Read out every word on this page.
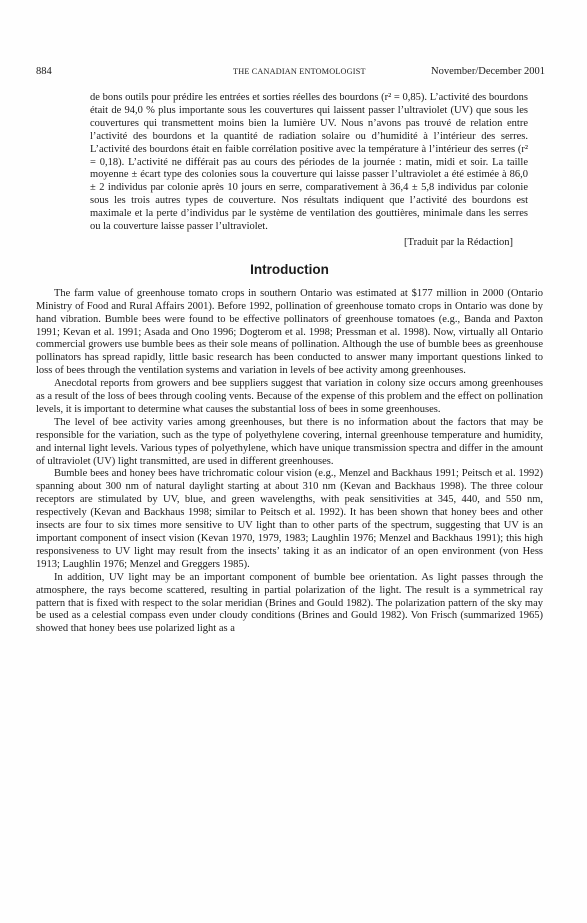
884	THE CANADIAN ENTOMOLOGIST	November/December 2001

de bons outils pour prédire les entrées et sorties réelles des bourdons (r² = 0,85). L’activité des bourdons était de 94,0 % plus importante sous les couvertures qui laissent passer l’ultraviolet (UV) que sous les couvertures qui transmettent moins bien la lumière UV. Nous n’avons pas trouvé de relation entre l’activité des bourdons et la quantité de radiation solaire ou d’humidité à l’intérieur des serres. L’activité des bourdons était en faible corrélation positive avec la température à l’intérieur des serres (r² = 0,18). L’activité ne différait pas au cours des périodes de la journée : matin, midi et soir. La taille moyenne ± écart type des colonies sous la couverture qui laisse passer l’ultraviolet a été estimée à 86,0 ± 2 individus par colonie après 10 jours en serre, comparativement à 36,4 ± 5,8 individus par colonie sous les trois autres types de couverture. Nos résultats indiquent que l’activité des bourdons est maximale et la perte d’individus par le système de ventilation des gouttières, minimale dans les serres ou la couverture laisse passer l’ultraviolet.

[Traduit par la Rédaction]
Introduction

The farm value of greenhouse tomato crops in southern Ontario was estimated at $177 million in 2000 (Ontario Ministry of Food and Rural Affairs 2001). Before 1992, pollination of greenhouse tomato crops in Ontario was done by hand vibration. Bumble bees were found to be effective pollinators of greenhouse tomatoes (e.g., Banda and Paxton 1991; Kevan et al. 1991; Asada and Ono 1996; Dogterom et al. 1998; Pressman et al. 1998). Now, virtually all Ontario commercial growers use bumble bees as their sole means of pollination. Although the use of bumble bees as greenhouse pollinators has spread rapidly, little basic research has been conducted to answer many important questions linked to loss of bees through the ventilation systems and variation in levels of bee activity among greenhouses.

Anecdotal reports from growers and bee suppliers suggest that variation in colony size occurs among greenhouses as a result of the loss of bees through cooling vents. Because of the expense of this problem and the effect on pollination levels, it is important to determine what causes the substantial loss of bees in some greenhouses.

The level of bee activity varies among greenhouses, but there is no information about the factors that may be responsible for the variation, such as the type of polyethylene covering, internal greenhouse temperature and humidity, and internal light levels. Various types of polyethylene, which have unique transmission spectra and differ in the amount of ultraviolet (UV) light transmitted, are used in different greenhouses.

Bumble bees and honey bees have trichromatic colour vision (e.g., Menzel and Backhaus 1991; Peitsch et al. 1992) spanning about 300 nm of natural daylight starting at about 310 nm (Kevan and Backhaus 1998). The three colour receptors are stimulated by UV, blue, and green wavelengths, with peak sensitivities at 345, 440, and 550 nm, respectively (Kevan and Backhaus 1998; similar to Peitsch et al. 1992). It has been shown that honey bees and other insects are four to six times more sensitive to UV light than to other parts of the spectrum, suggesting that UV is an important component of insect vision (Kevan 1970, 1979, 1983; Laughlin 1976; Menzel and Backhaus 1991); this high responsiveness to UV light may result from the insects’ taking it as an indicator of an open environment (von Hess 1913; Laughlin 1976; Menzel and Greggers 1985).

In addition, UV light may be an important component of bumble bee orientation. As light passes through the atmosphere, the rays become scattered, resulting in partial polarization of the light. The result is a symmetrical ray pattern that is fixed with respect to the solar meridian (Brines and Gould 1982). The polarization pattern of the sky may be used as a celestial compass even under cloudy conditions (Brines and Gould 1982). Von Frisch (summarized 1965) showed that honey bees use polarized light as a
